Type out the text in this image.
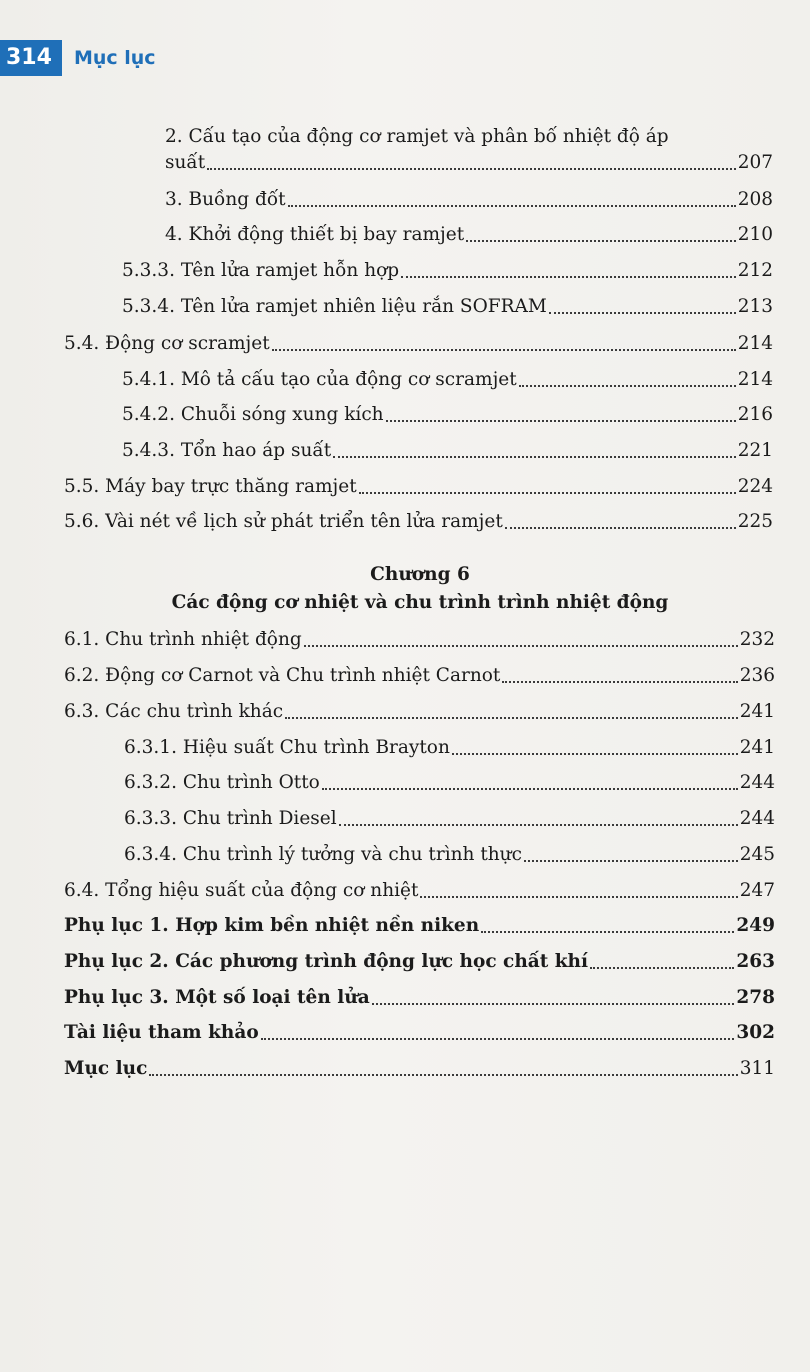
314	Mục lục
2. Cấu tạo của động cơ ramjet và phân bố nhiệt độ áp
suất	207
3. Buồng đốt	208
4. Khởi động thiết bị bay ramjet	210
5.3.3. Tên lửa ramjet hỗn hợp	212
5.3.4. Tên lửa ramjet nhiên liệu rắn SOFRAM	213
5.4. Động cơ scramjet	214
5.4.1. Mô tả cấu tạo của động cơ scramjet	214
5.4.2. Chuỗi sóng xung kích	216
5.4.3. Tổn hao áp suất	221
5.5. Máy bay trực thăng ramjet	224
5.6. Vài nét về lịch sử phát triển tên lửa ramjet	225
Chương 6
Các động cơ nhiệt và chu trình trình nhiệt động
6.1. Chu trình nhiệt động	232
6.2. Động cơ Carnot và Chu trình nhiệt Carnot	236
6.3. Các chu trình khác	241
6.3.1. Hiệu suất Chu trình Brayton	241
6.3.2. Chu trình Otto	244
6.3.3. Chu trình Diesel	244
6.3.4. Chu trình lý tưởng và chu trình thực	245
6.4. Tổng hiệu suất của động cơ nhiệt	247
Phụ lục 1. Hợp kim bền nhiệt nền niken	249
Phụ lục 2. Các phương trình động lực học chất khí	263
Phụ lục 3. Một số loại tên lửa	278
Tài liệu tham khảo	302
Mục lục	311
